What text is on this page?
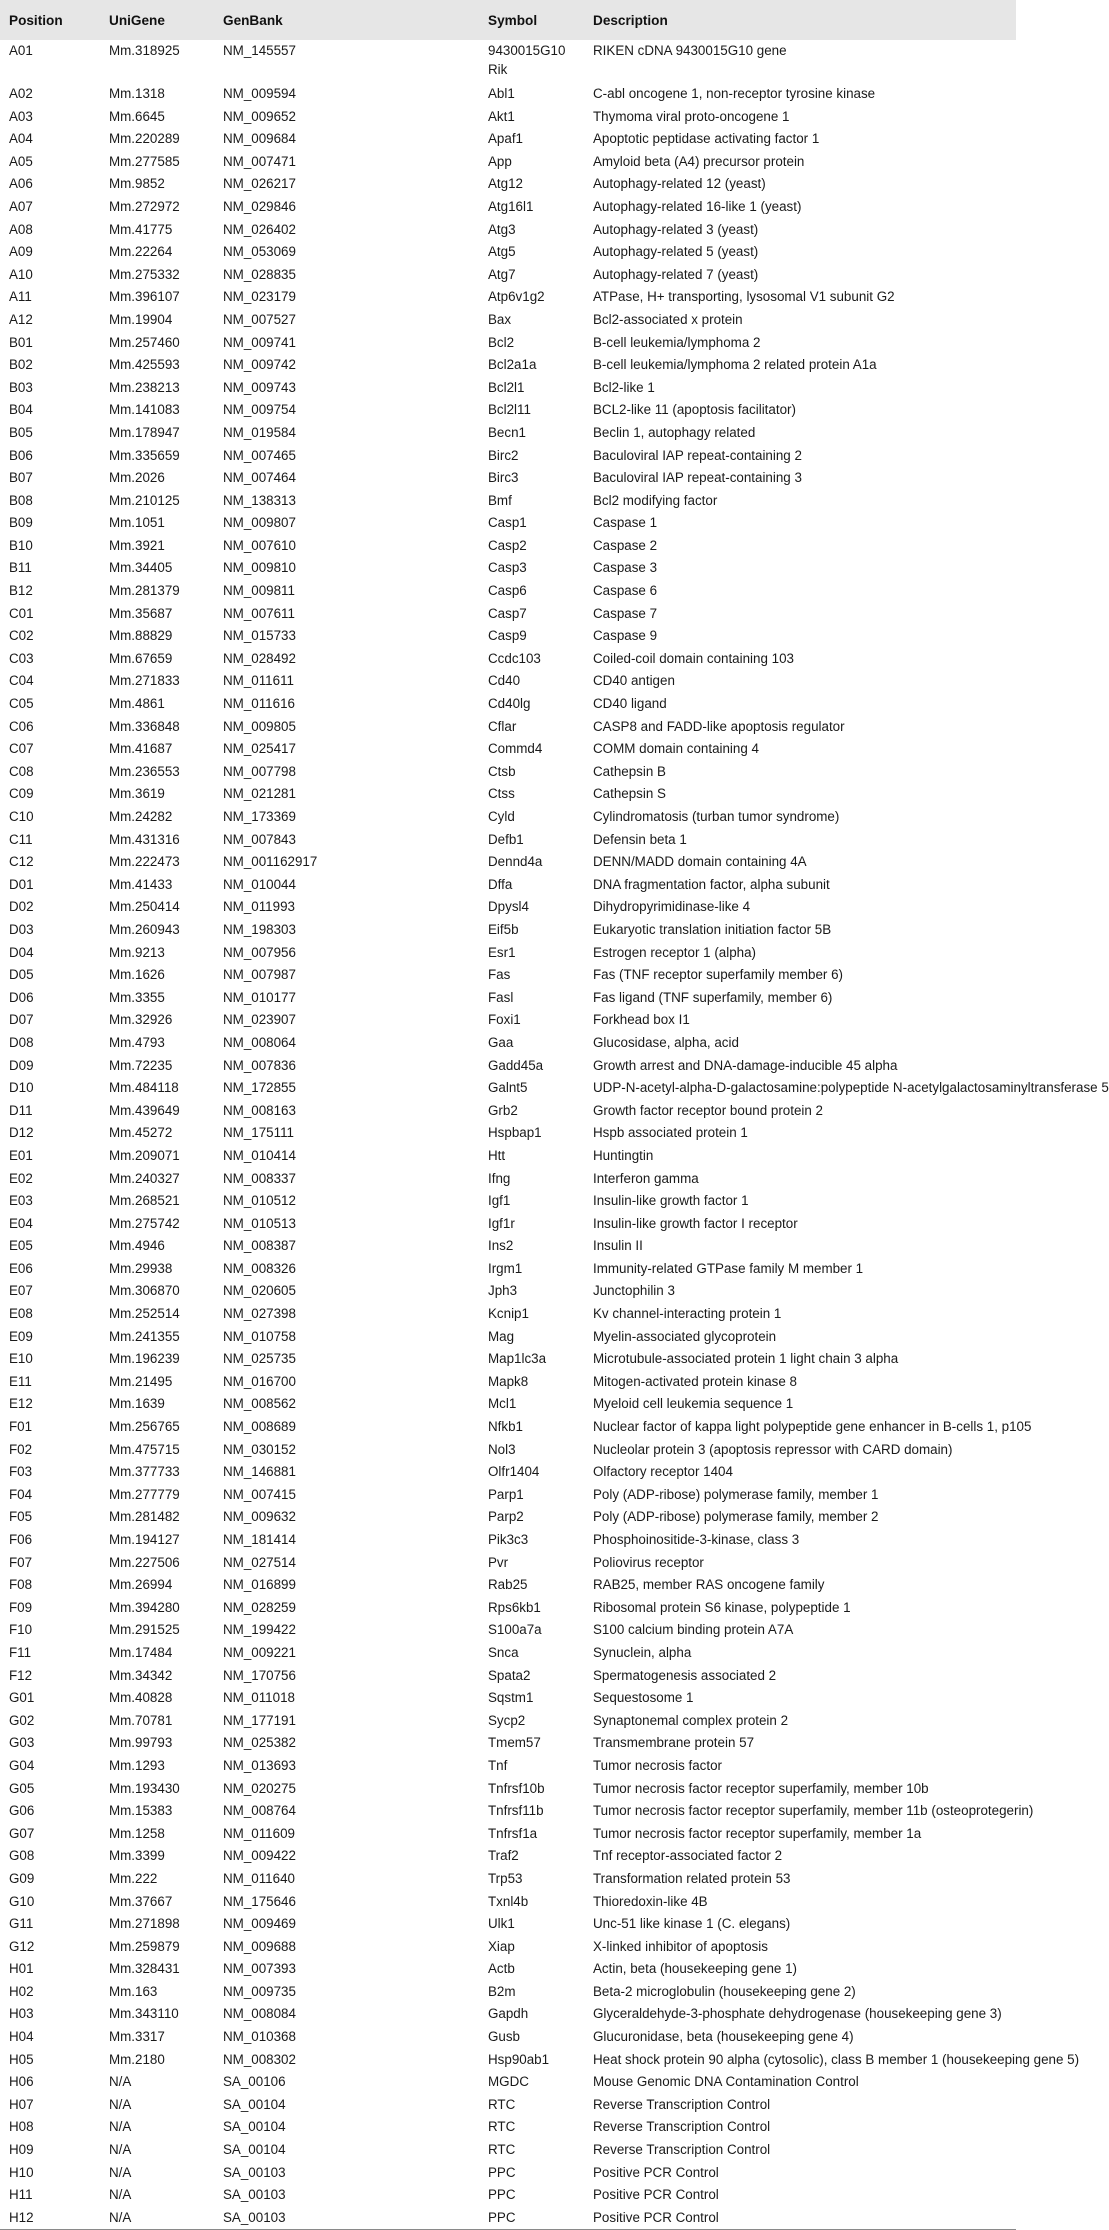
Position	UniGene	GenBank	Symbol	Description

A01	Mm.318925	NM_145557	9430015G10 Rik	RIKEN cDNA 9430015G10 gene

A02	Mm.1318	NM_009594	Abl1	C-abl oncogene 1, non-receptor tyrosine kinase

A03	Mm.6645	NM_009652	Akt1	Thymoma viral proto-oncogene 1

A04	Mm.220289	NM_009684	Apaf1	Apoptotic peptidase activating factor 1

A05	Mm.277585	NM_007471	App	Amyloid beta (A4) precursor protein

A06	Mm.9852	NM_026217	Atg12	Autophagy-related 12 (yeast)

A07	Mm.272972	NM_029846	Atg16l1	Autophagy-related 16-like 1 (yeast)

A08	Mm.41775	NM_026402	Atg3	Autophagy-related 3 (yeast)

A09	Mm.22264	NM_053069	Atg5	Autophagy-related 5 (yeast)

A10	Mm.275332	NM_028835	Atg7	Autophagy-related 7 (yeast)

A11	Mm.396107	NM_023179	Atp6v1g2	ATPase, H+ transporting, lysosomal V1 subunit G2

A12	Mm.19904	NM_007527	Bax	Bcl2-associated x protein

B01	Mm.257460	NM_009741	Bcl2	B-cell leukemia/lymphoma 2

B02	Mm.425593	NM_009742	Bcl2a1a	B-cell leukemia/lymphoma 2 related protein A1a

B03	Mm.238213	NM_009743	Bcl2l1	Bcl2-like 1

B04	Mm.141083	NM_009754	Bcl2l11	BCL2-like 11 (apoptosis facilitator)

B05	Mm.178947	NM_019584	Becn1	Beclin 1, autophagy related

B06	Mm.335659	NM_007465	Birc2	Baculoviral IAP repeat-containing 2

B07	Mm.2026	NM_007464	Birc3	Baculoviral IAP repeat-containing 3

B08	Mm.210125	NM_138313	Bmf	Bcl2 modifying factor

B09	Mm.1051	NM_009807	Casp1	Caspase 1

B10	Mm.3921	NM_007610	Casp2	Caspase 2

B11	Mm.34405	NM_009810	Casp3	Caspase 3

B12	Mm.281379	NM_009811	Casp6	Caspase 6

C01	Mm.35687	NM_007611	Casp7	Caspase 7

C02	Mm.88829	NM_015733	Casp9	Caspase 9

C03	Mm.67659	NM_028492	Ccdc103	Coiled-coil domain containing 103

C04	Mm.271833	NM_011611	Cd40	CD40 antigen

C05	Mm.4861	NM_011616	Cd40lg	CD40 ligand

C06	Mm.336848	NM_009805	Cflar	CASP8 and FADD-like apoptosis regulator

C07	Mm.41687	NM_025417	Commd4	COMM domain containing 4

C08	Mm.236553	NM_007798	Ctsb	Cathepsin B

C09	Mm.3619	NM_021281	Ctss	Cathepsin S

C10	Mm.24282	NM_173369	Cyld	Cylindromatosis (turban tumor syndrome)

C11	Mm.431316	NM_007843	Defb1	Defensin beta 1

C12	Mm.222473	NM_001162917	Dennd4a	DENN/MADD domain containing 4A

D01	Mm.41433	NM_010044	Dffa	DNA fragmentation factor, alpha subunit

D02	Mm.250414	NM_011993	Dpysl4	Dihydropyrimidinase-like 4

D03	Mm.260943	NM_198303	Eif5b	Eukaryotic translation initiation factor 5B

D04	Mm.9213	NM_007956	Esr1	Estrogen receptor 1 (alpha)

D05	Mm.1626	NM_007987	Fas	Fas (TNF receptor superfamily member 6)

D06	Mm.3355	NM_010177	Fasl	Fas ligand (TNF superfamily, member 6)

D07	Mm.32926	NM_023907	Foxi1	Forkhead box I1

D08	Mm.4793	NM_008064	Gaa	Glucosidase, alpha, acid

D09	Mm.72235	NM_007836	Gadd45a	Growth arrest and DNA-damage-inducible 45 alpha

D10	Mm.484118	NM_172855	Galnt5	UDP-N-acetyl-alpha-D-galactosamine:polypeptide N-acetylgalactosaminyltransferase 5

D11	Mm.439649	NM_008163	Grb2	Growth factor receptor bound protein 2

D12	Mm.45272	NM_175111	Hspbap1	Hspb associated protein 1

E01	Mm.209071	NM_010414	Htt	Huntingtin

E02	Mm.240327	NM_008337	Ifng	Interferon gamma

E03	Mm.268521	NM_010512	Igf1	Insulin-like growth factor 1

E04	Mm.275742	NM_010513	Igf1r	Insulin-like growth factor I receptor

E05	Mm.4946	NM_008387	Ins2	Insulin II

E06	Mm.29938	NM_008326	Irgm1	Immunity-related GTPase family M member 1

E07	Mm.306870	NM_020605	Jph3	Junctophilin 3

E08	Mm.252514	NM_027398	Kcnip1	Kv channel-interacting protein 1

E09	Mm.241355	NM_010758	Mag	Myelin-associated glycoprotein

E10	Mm.196239	NM_025735	Map1lc3a	Microtubule-associated protein 1 light chain 3 alpha

E11	Mm.21495	NM_016700	Mapk8	Mitogen-activated protein kinase 8

E12	Mm.1639	NM_008562	Mcl1	Myeloid cell leukemia sequence 1

F01	Mm.256765	NM_008689	Nfkb1	Nuclear factor of kappa light polypeptide gene enhancer in B-cells 1, p105

F02	Mm.475715	NM_030152	Nol3	Nucleolar protein 3 (apoptosis repressor with CARD domain)

F03	Mm.377733	NM_146881	Olfr1404	Olfactory receptor 1404

F04	Mm.277779	NM_007415	Parp1	Poly (ADP-ribose) polymerase family, member 1

F05	Mm.281482	NM_009632	Parp2	Poly (ADP-ribose) polymerase family, member 2

F06	Mm.194127	NM_181414	Pik3c3	Phosphoinositide-3-kinase, class 3

F07	Mm.227506	NM_027514	Pvr	Poliovirus receptor

F08	Mm.26994	NM_016899	Rab25	RAB25, member RAS oncogene family

F09	Mm.394280	NM_028259	Rps6kb1	Ribosomal protein S6 kinase, polypeptide 1

F10	Mm.291525	NM_199422	S100a7a	S100 calcium binding protein A7A

F11	Mm.17484	NM_009221	Snca	Synuclein, alpha

F12	Mm.34342	NM_170756	Spata2	Spermatogenesis associated 2

G01	Mm.40828	NM_011018	Sqstm1	Sequestosome 1

G02	Mm.70781	NM_177191	Sycp2	Synaptonemal complex protein 2

G03	Mm.99793	NM_025382	Tmem57	Transmembrane protein 57

G04	Mm.1293	NM_013693	Tnf	Tumor necrosis factor

G05	Mm.193430	NM_020275	Tnfrsf10b	Tumor necrosis factor receptor superfamily, member 10b

G06	Mm.15383	NM_008764	Tnfrsf11b	Tumor necrosis factor receptor superfamily, member 11b (osteoprotegerin)

G07	Mm.1258	NM_011609	Tnfrsf1a	Tumor necrosis factor receptor superfamily, member 1a

G08	Mm.3399	NM_009422	Traf2	Tnf receptor-associated factor 2

G09	Mm.222	NM_011640	Trp53	Transformation related protein 53

G10	Mm.37667	NM_175646	Txnl4b	Thioredoxin-like 4B

G11	Mm.271898	NM_009469	Ulk1	Unc-51 like kinase 1 (C. elegans)

G12	Mm.259879	NM_009688	Xiap	X-linked inhibitor of apoptosis

H01	Mm.328431	NM_007393	Actb	Actin, beta (housekeeping gene 1)

H02	Mm.163	NM_009735	B2m	Beta-2 microglobulin (housekeeping gene 2)

H03	Mm.343110	NM_008084	Gapdh	Glyceraldehyde-3-phosphate dehydrogenase (housekeeping gene 3)

H04	Mm.3317	NM_010368	Gusb	Glucuronidase, beta (housekeeping gene 4)

H05	Mm.2180	NM_008302	Hsp90ab1	Heat shock protein 90 alpha (cytosolic), class B member 1 (housekeeping gene 5)

H06	N/A	SA_00106	MGDC	Mouse Genomic DNA Contamination Control

H07	N/A	SA_00104	RTC	Reverse Transcription Control

H08	N/A	SA_00104	RTC	Reverse Transcription Control

H09	N/A	SA_00104	RTC	Reverse Transcription Control

H10	N/A	SA_00103	PPC	Positive PCR Control

H11	N/A	SA_00103	PPC	Positive PCR Control

H12	N/A	SA_00103	PPC	Positive PCR Control
